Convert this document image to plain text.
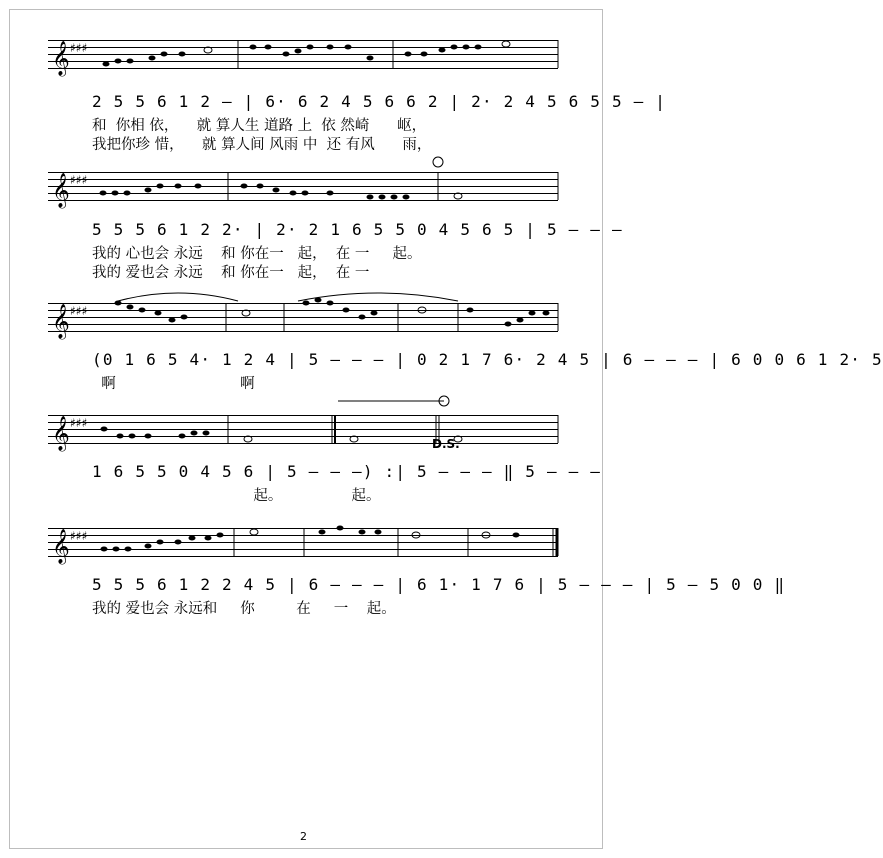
𝄞 ♯♯♯
2 5 5 6 1 2 – | 6· 6 2 4 5 6 6 2 | 2· 2 4 5 6 5 5 – |
和  你相 依，    就 算人生 道路 上  依 然崎      岖，
我把你珍 惜，    就 算人间 风雨 中  还 有风      雨，
𝄞 ♯♯♯
5 5 5 6 1 2 2· | 2· 2 1 6 5 5 0 4 5 6 5 | 5 – – –
我的 心也会 永远    和 你在一   起，  在 一     起。
我的 爱也会 永远    和 你在一   起，  在 一
𝄞 ♯♯♯
(0 1 6 5 4· 1 2 4 | 5 – – – | 0 2 1 7 6· 2 4 5 | 6 – – – | 6 0 0 6 1 2· 5
啊                           啊
𝄞 ♯♯♯
D.S.
1 6 5 5 0 4 5 6 | 5 – – –) :| 5 – – – ‖ 5 – – –
起。               起。
𝄞 ♯♯♯
5 5 5 6 1 2 2 4 5 | 6 – – – | 6 1· 1 7 6 | 5 – – – | 5 – 5 0 0 ‖
我的 爱也会 永远和     你         在     一    起。
2
